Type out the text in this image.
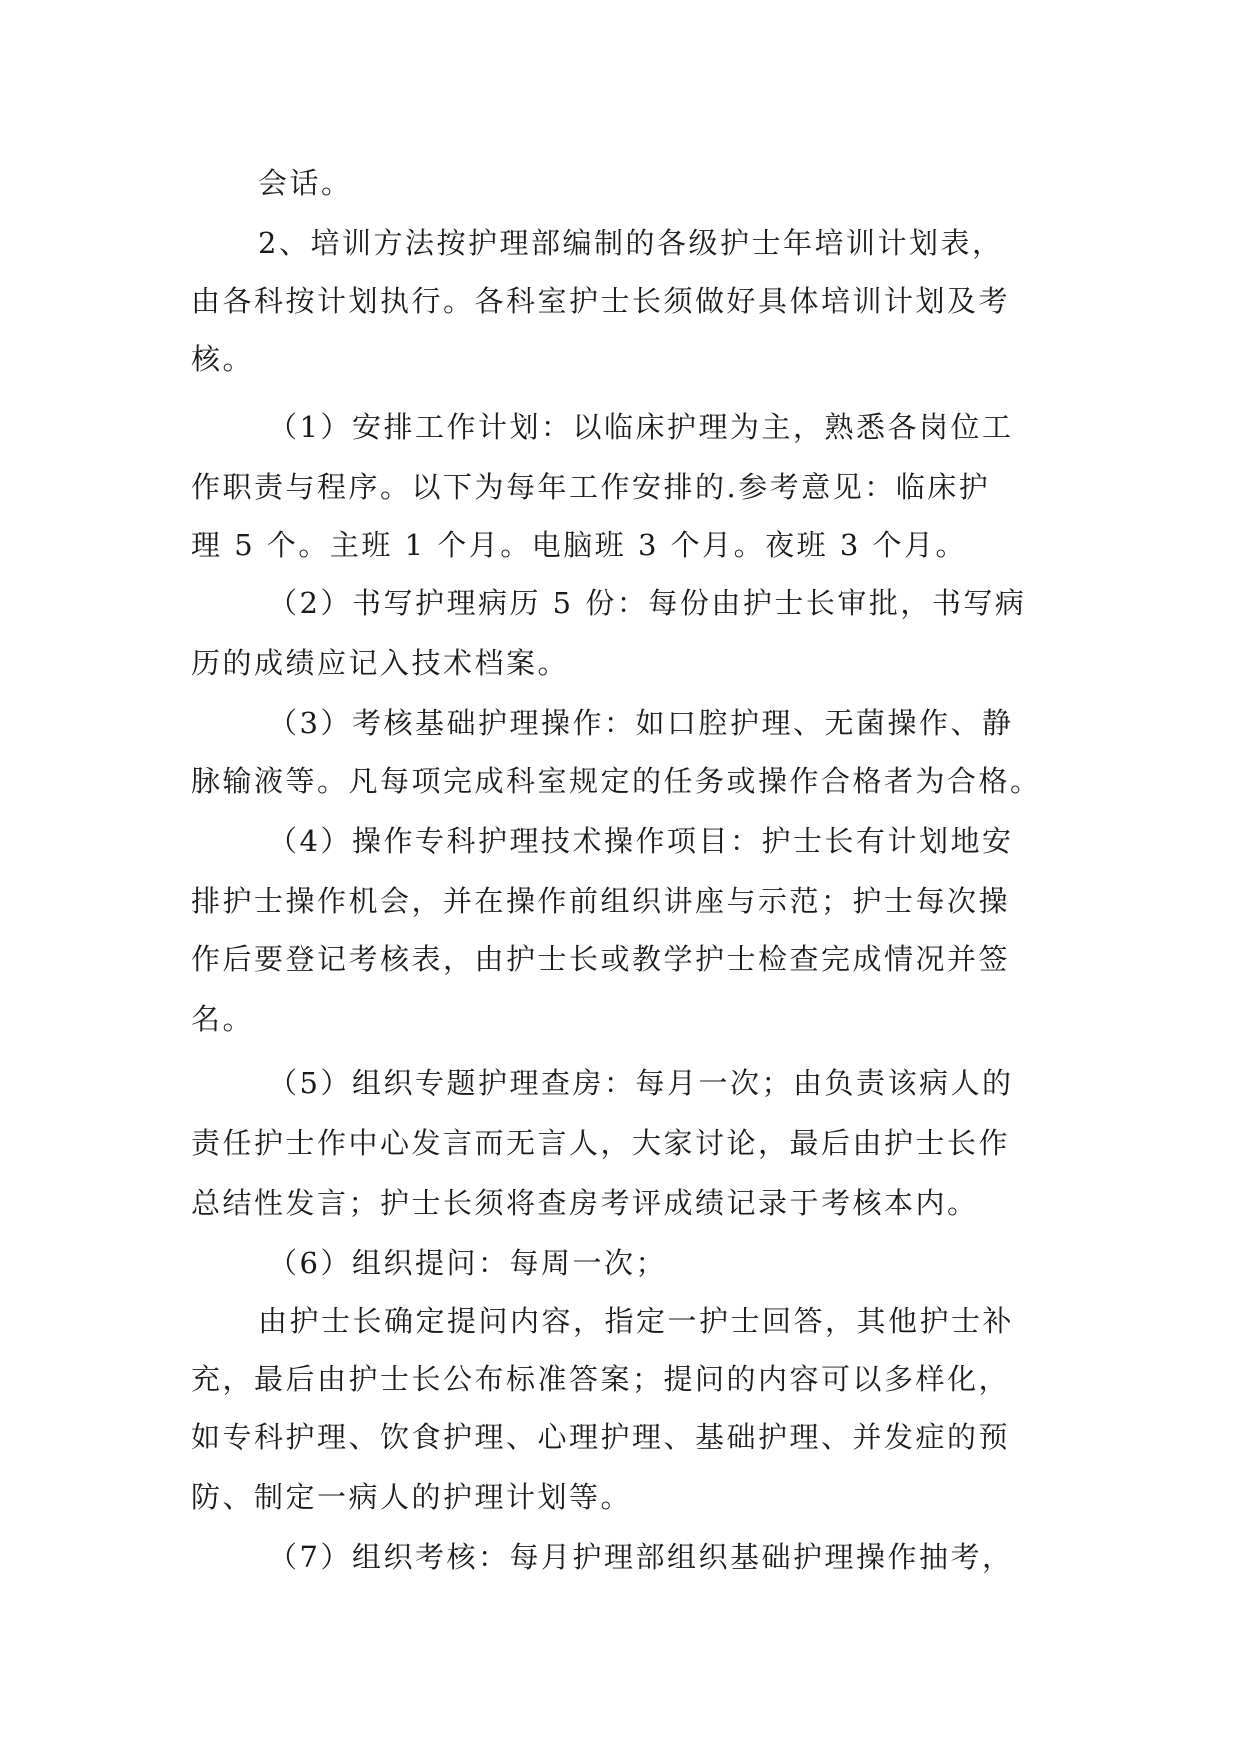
会话。
2、培训方法按护理部编制的各级护士年培训计划表，
由各科按计划执行。各科室护士长须做好具体培训计划及考
核。
（1）安排工作计划：以临床护理为主，熟悉各岗位工
作职责与程序。以下为每年工作安排的.参考意见：临床护
理 5 个。主班 1 个月。电脑班 3 个月。夜班 3 个月。
（2）书写护理病历 5 份：每份由护士长审批，书写病
历的成绩应记入技术档案。
（3）考核基础护理操作：如口腔护理、无菌操作、静
脉输液等。凡每项完成科室规定的任务或操作合格者为合格。
（4）操作专科护理技术操作项目：护士长有计划地安
排护士操作机会，并在操作前组织讲座与示范；护士每次操
作后要登记考核表，由护士长或教学护士检查完成情况并签
名。
（5）组织专题护理查房：每月一次；由负责该病人的
责任护士作中心发言而无言人，大家讨论，最后由护士长作
总结性发言；护士长须将查房考评成绩记录于考核本内。
（6）组织提问：每周一次；
由护士长确定提问内容，指定一护士回答，其他护士补
充，最后由护士长公布标准答案；提问的内容可以多样化，
如专科护理、饮食护理、心理护理、基础护理、并发症的预
防、制定一病人的护理计划等。
（7）组织考核：每月护理部组织基础护理操作抽考，
